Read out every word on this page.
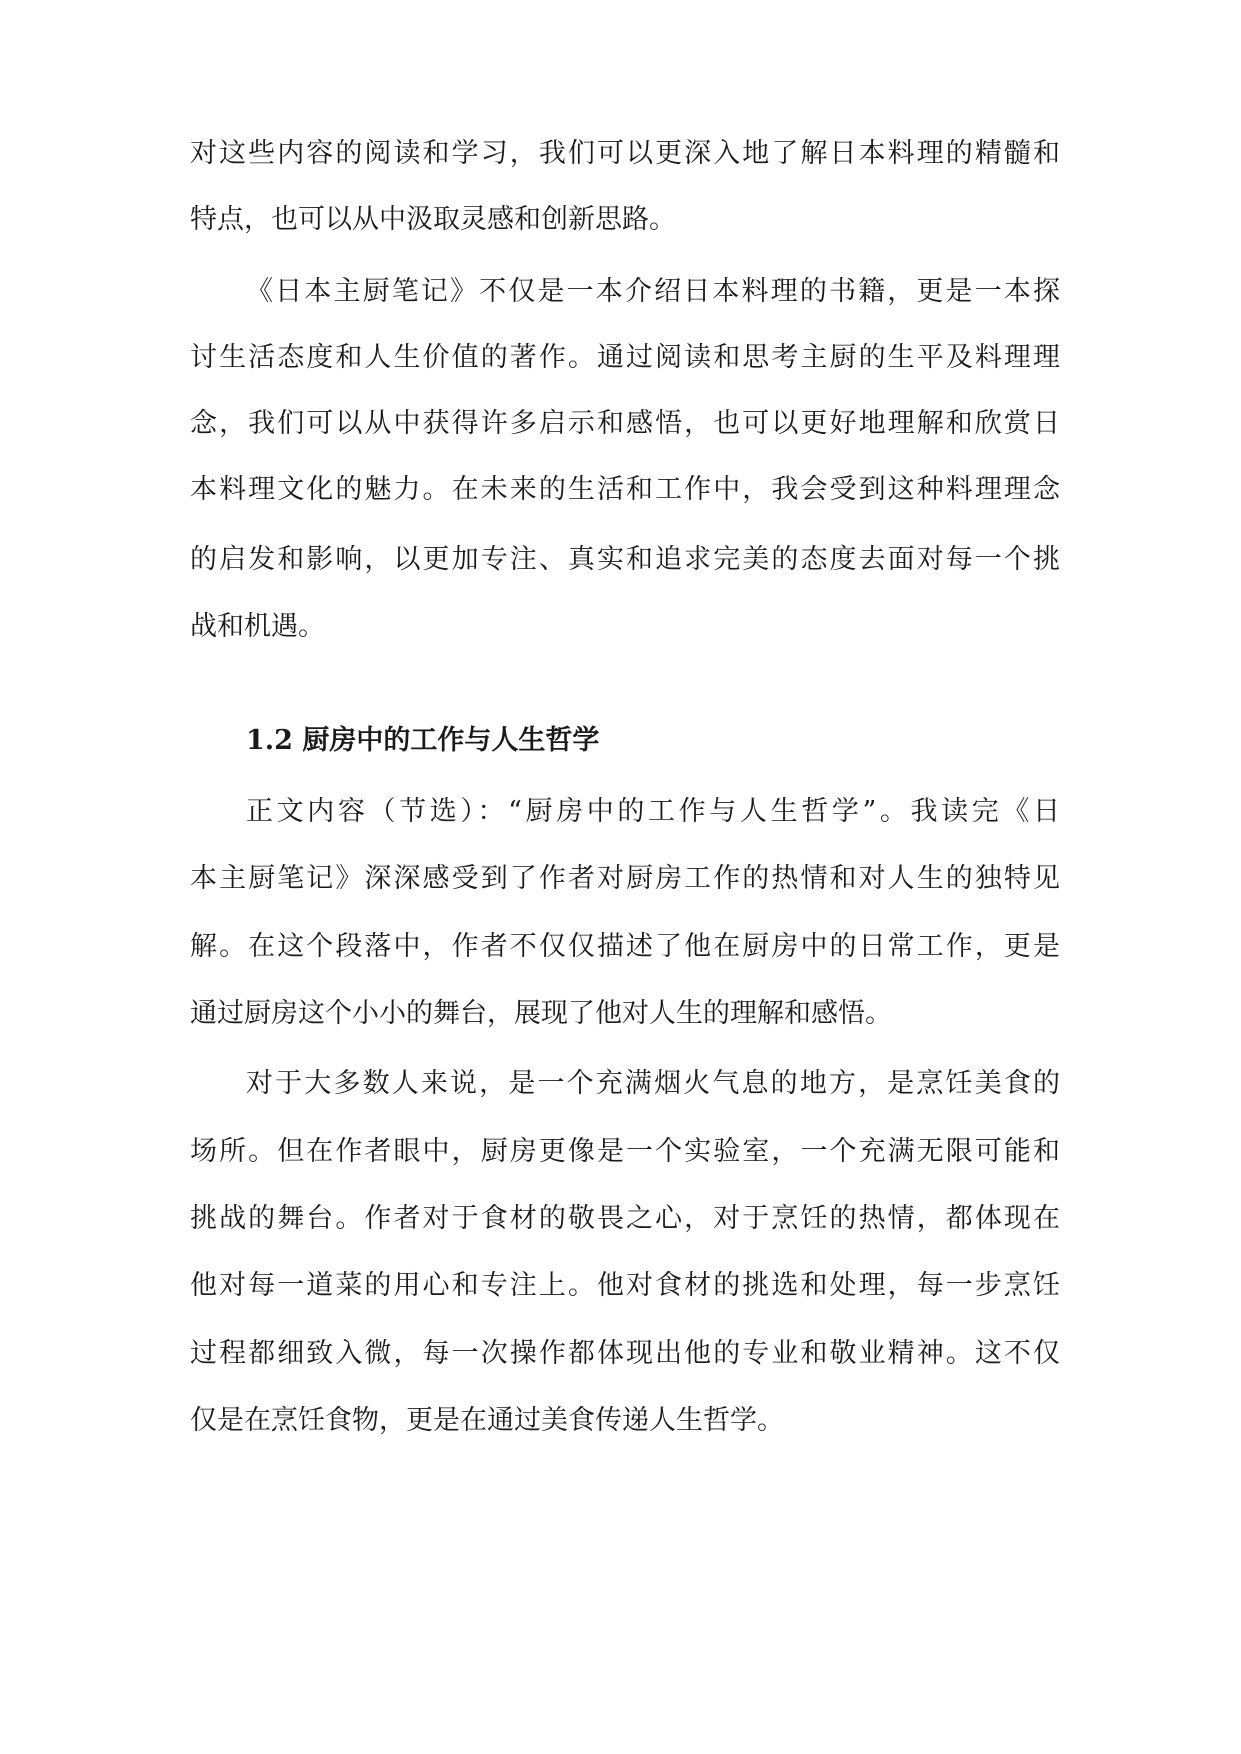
对这些内容的阅读和学习，我们可以更深入地了解日本料理的精髓和
特点，也可以从中汲取灵感和创新思路。
《日本主厨笔记》不仅是一本介绍日本料理的书籍，更是一本探
讨生活态度和人生价值的著作。通过阅读和思考主厨的生平及料理理
念，我们可以从中获得许多启示和感悟，也可以更好地理解和欣赏日
本料理文化的魅力。在未来的生活和工作中，我会受到这种料理理念
的启发和影响，以更加专注、真实和追求完美的态度去面对每一个挑
战和机遇。
1.2 厨房中的工作与人生哲学
正文内容（节选）：“厨房中的工作与人生哲学”。我读完《日
本主厨笔记》深深感受到了作者对厨房工作的热情和对人生的独特见
解。在这个段落中，作者不仅仅描述了他在厨房中的日常工作，更是
通过厨房这个小小的舞台，展现了他对人生的理解和感悟。
对于大多数人来说，是一个充满烟火气息的地方，是烹饪美食的
场所。但在作者眼中，厨房更像是一个实验室，一个充满无限可能和
挑战的舞台。作者对于食材的敬畏之心，对于烹饪的热情，都体现在
他对每一道菜的用心和专注上。他对食材的挑选和处理，每一步烹饪
过程都细致入微，每一次操作都体现出他的专业和敬业精神。这不仅
仅是在烹饪食物，更是在通过美食传递人生哲学。
